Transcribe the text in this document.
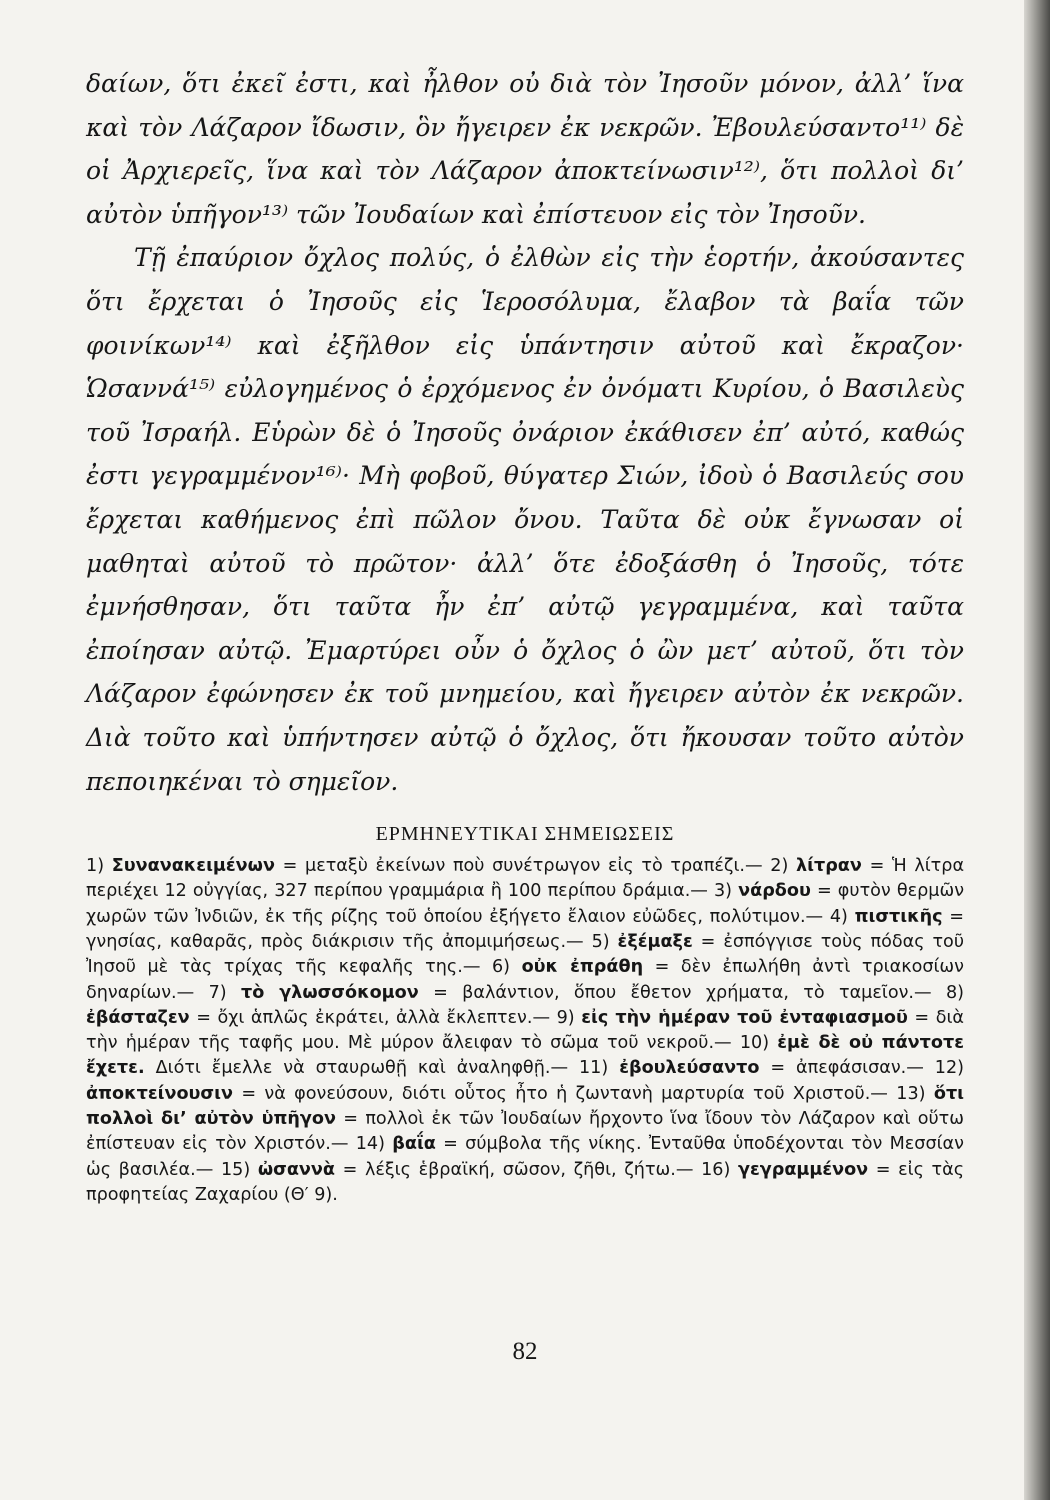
δαίων, ὅτι ἐκεῖ ἐστι, καὶ ἦλθον οὐ διὰ τὸν Ἰησοῦν μόνον, ἀλλ’ ἵνα καὶ τὸν Λάζαρον ἴδωσιν, ὃν ἤγειρεν ἐκ νεκρῶν. Ἐβουλεύσαντο¹¹⁾ δὲ οἱ Ἀρχιερεῖς, ἵνα καὶ τὸν Λάζαρον ἀποκτείνωσιν¹²⁾, ὅτι πολλοὶ δι’ αὐτὸν ὑπῆγον¹³⁾ τῶν Ἰουδαίων καὶ ἐπίστευον εἰς τὸν Ἰησοῦν.

Τῇ ἐπαύριον ὄχλος πολύς, ὁ ἐλθὼν εἰς τὴν ἑορτήν, ἀκούσαντες ὅτι ἔρχεται ὁ Ἰησοῦς εἰς Ἱεροσόλυμα, ἔλαβον τὰ βαΐα τῶν φοινίκων¹⁴⁾ καὶ ἐξῆλθον εἰς ὑπάντησιν αὐτοῦ καὶ ἔκραζον· Ὡσαννά¹⁵⁾ εὐλογημένος ὁ ἐρχόμενος ἐν ὀνόματι Κυρίου, ὁ Βασιλεὺς τοῦ Ἰσραήλ. Εὑρὼν δὲ ὁ Ἰησοῦς ὀνάριον ἐκάθισεν ἐπ’ αὐτό, καθώς ἐστι γεγραμμένον¹⁶⁾· Μὴ φοβοῦ, θύγατερ Σιών, ἰδοὺ ὁ Βασιλεύς σου ἔρχεται καθήμενος ἐπὶ πῶλον ὄνου. Ταῦτα δὲ οὐκ ἔγνωσαν οἱ μαθηταὶ αὐτοῦ τὸ πρῶτον· ἀλλ’ ὅτε ἐδοξάσθη ὁ Ἰησοῦς, τότε ἐμνήσθησαν, ὅτι ταῦτα ἦν ἐπ’ αὐτῷ γεγραμμένα, καὶ ταῦτα ἐποίησαν αὐτῷ. Ἐμαρτύρει οὖν ὁ ὄχλος ὁ ὢν μετ’ αὐτοῦ, ὅτι τὸν Λάζαρον ἐφώνησεν ἐκ τοῦ μνημείου, καὶ ἤγειρεν αὐτὸν ἐκ νεκρῶν. Διὰ τοῦτο καὶ ὑπήντησεν αὐτῷ ὁ ὄχλος, ὅτι ἤκουσαν τοῦτο αὐτὸν πεποιηκέναι τὸ σημεῖον.

ΕΡΜΗΝΕΥΤΙΚΑΙ ΣΗΜΕΙΩΣΕΙΣ

1) Συνανακειμένων = μεταξὺ ἐκείνων ποὺ συνέτρωγον εἰς τὸ τραπέζι.— 2) λίτραν = Ἡ λίτρα περιέχει 12 οὐγγίας, 327 περίπου γραμμάρια ἢ 100 περίπου δράμια.— 3) νάρδου = φυτὸν θερμῶν χωρῶν τῶν Ἰνδιῶν, ἐκ τῆς ρίζης τοῦ ὁποίου ἐξήγετο ἔλαιον εὐῶδες, πολύτιμον.— 4) πιστικῆς = γνησίας, καθαρᾶς, πρὸς διάκρισιν τῆς ἀπομιμήσεως.— 5) ἐξέμαξε = ἐσπόγγισε τοὺς πόδας τοῦ Ἰησοῦ μὲ τὰς τρίχας τῆς κεφαλῆς της.— 6) οὐκ ἐπράθη = δὲν ἐπωλήθη ἀντὶ τριακοσίων δηναρίων.— 7) τὸ γλωσσόκομον = βαλάντιον, ὅπου ἔθετον χρήματα, τὸ ταμεῖον.— 8) ἐβάσταζεν = ὄχι ἁπλῶς ἐκράτει, ἀλλὰ ἔκλεπτεν.— 9) εἰς τὴν ἡμέραν τοῦ ἐνταφιασμοῦ = διὰ τὴν ἡμέραν τῆς ταφῆς μου. Μὲ μύρον ἄλειφαν τὸ σῶμα τοῦ νεκροῦ.— 10) ἐμὲ δὲ οὐ πάντοτε ἔχετε. Διότι ἔμελλε νὰ σταυρωθῇ καὶ ἀναληφθῇ.— 11) ἐβουλεύσαντο = ἀπεφάσισαν.— 12) ἀποκτείνουσιν = νὰ φονεύσουν, διότι οὗτος ἦτο ἡ ζωντανὴ μαρτυρία τοῦ Χριστοῦ.— 13) ὅτι πολλοὶ δι’ αὐτὸν ὑπῆγον = πολλοὶ ἐκ τῶν Ἰουδαίων ἤρχοντο ἵνα ἴδουν τὸν Λάζαρον καὶ οὕτω ἐπίστευαν εἰς τὸν Χριστόν.— 14) βαΐα = σύμβολα τῆς νίκης. Ἐνταῦθα ὑποδέχονται τὸν Μεσσίαν ὡς βασιλέα.— 15) ὠσαννὰ = λέξις ἑβραϊκή, σῶσον, ζῆθι, ζήτω.— 16) γεγραμμένον = εἰς τὰς προφητείας Ζαχαρίου (Θ′ 9).

82
